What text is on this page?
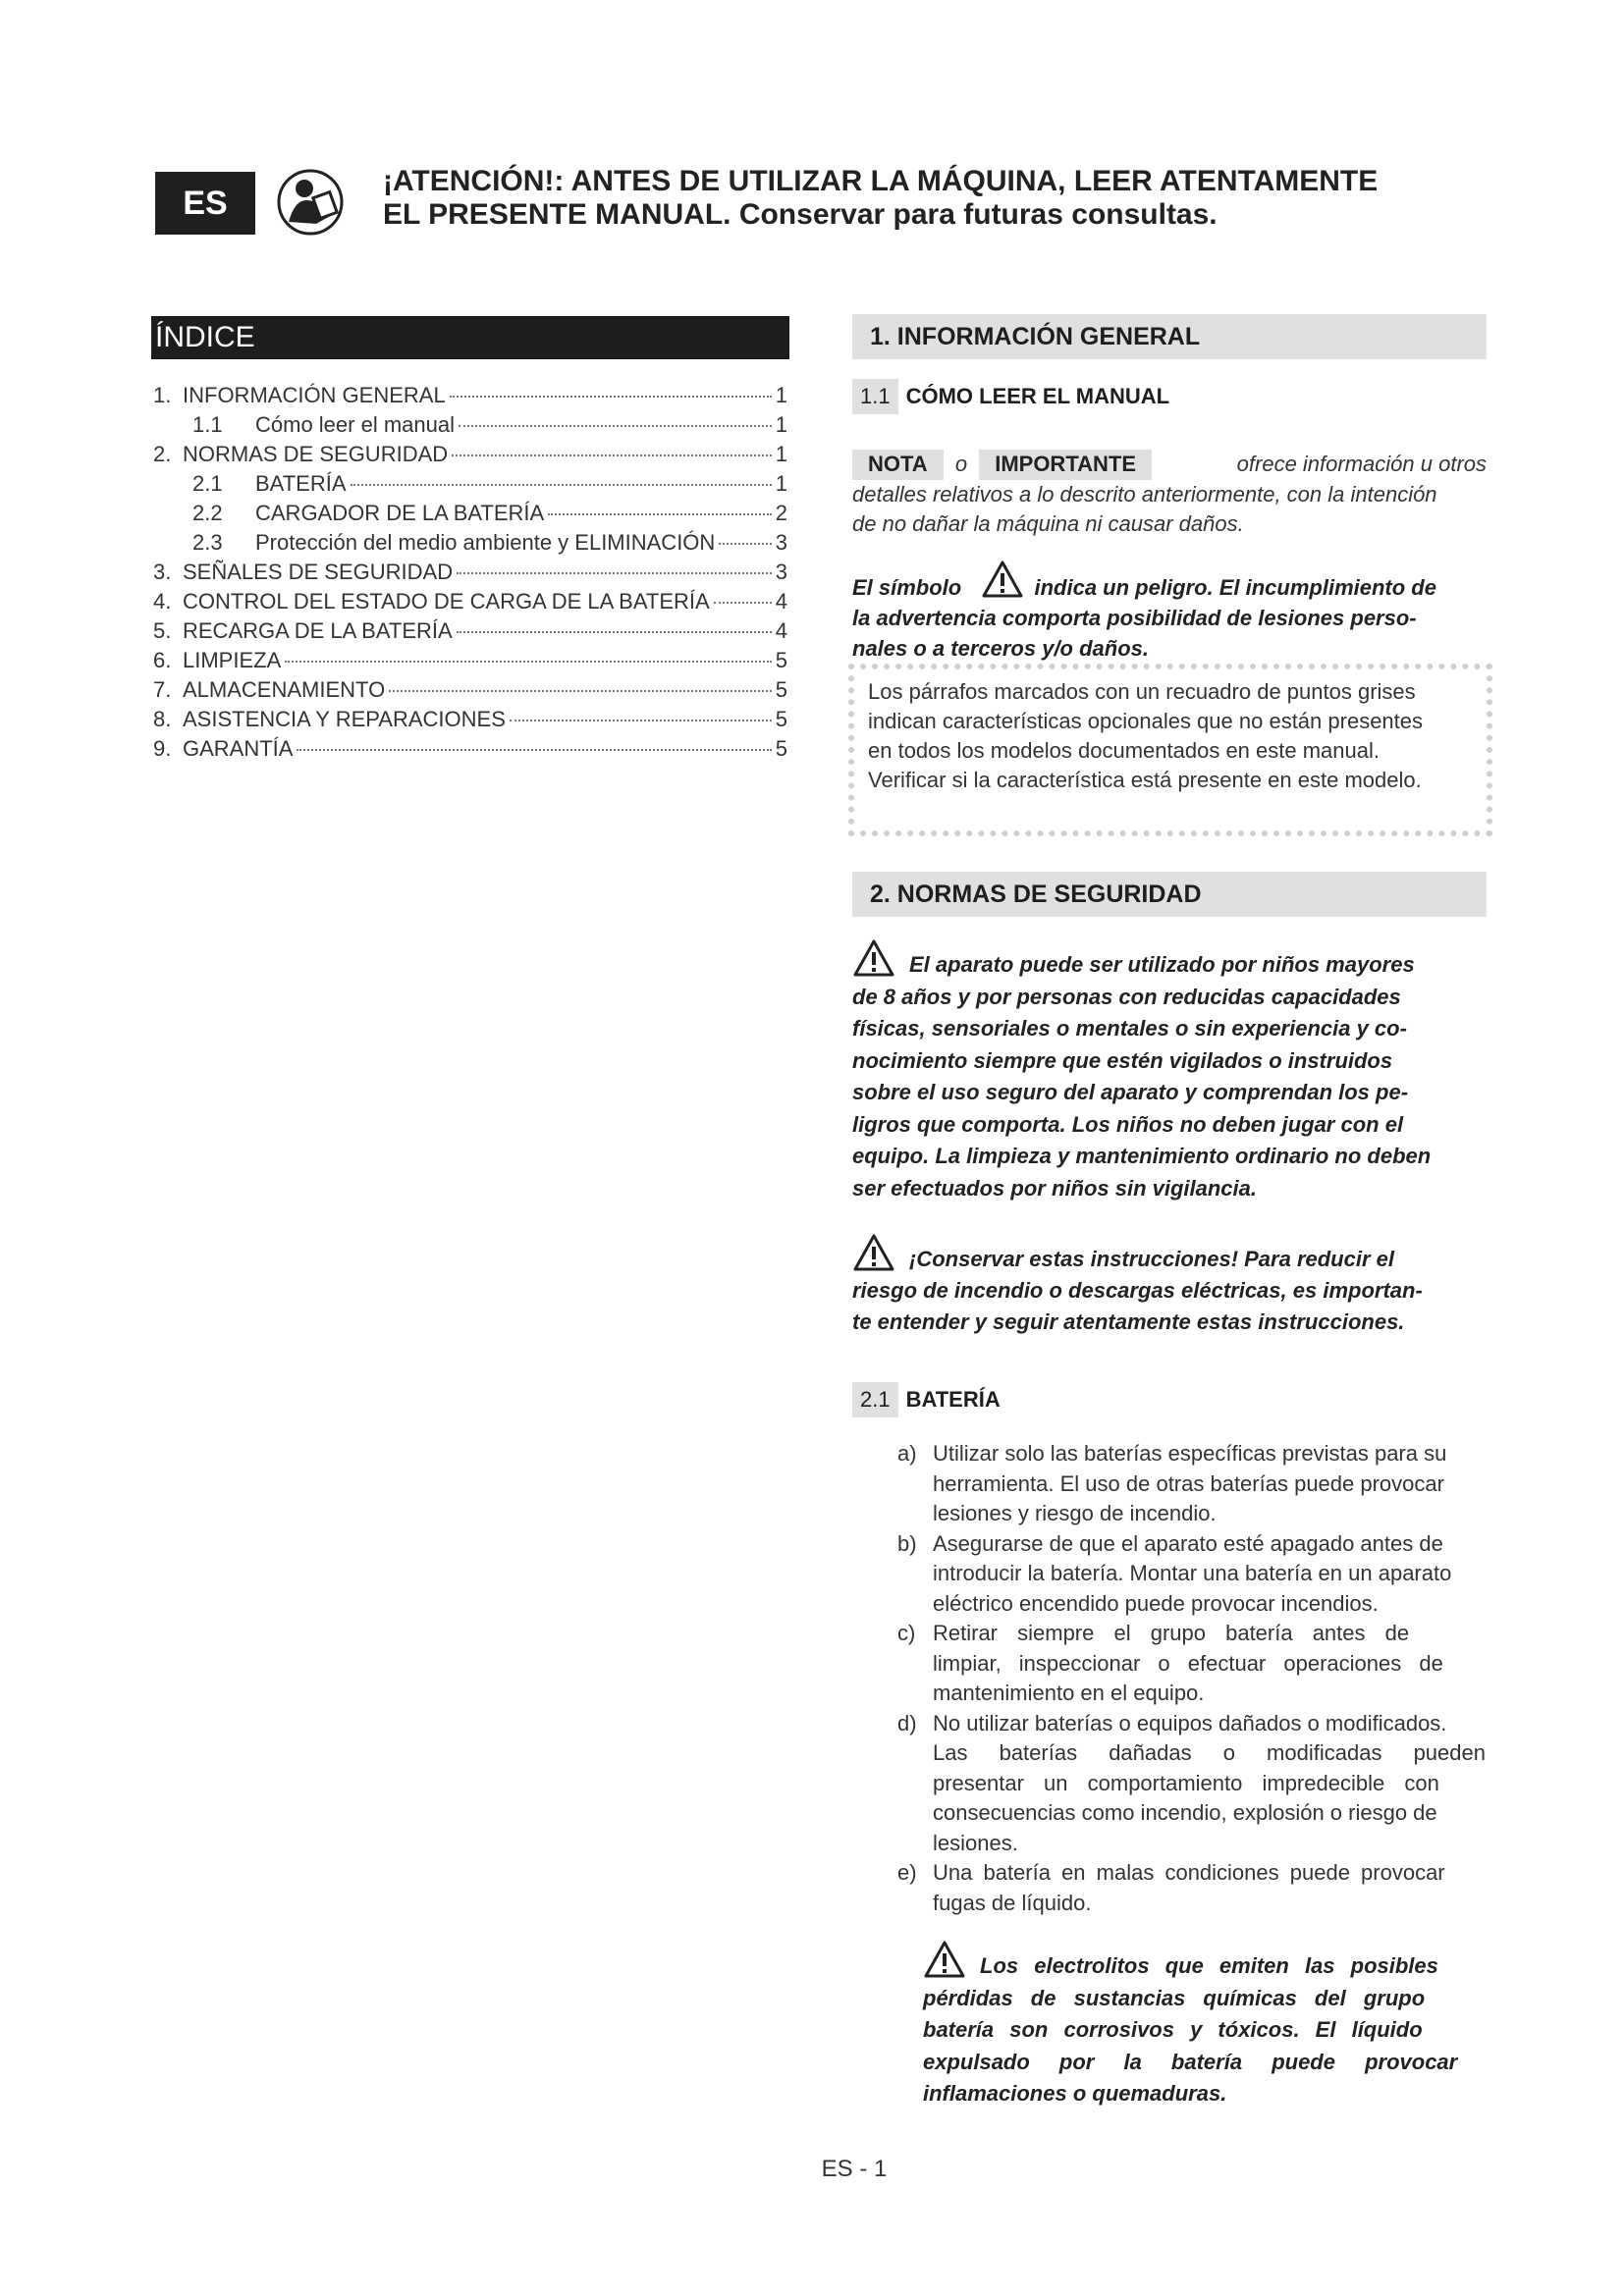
ES
¡ATENCIÓN!: ANTES DE UTILIZAR LA MÁQUINA, LEER ATENTAMENTE
EL PRESENTE MANUAL. Conservar para futuras consultas.
ÍNDICE
1. INFORMACIÓN GENERAL	1
1.1	Cómo leer el manual	1
2. NORMAS DE SEGURIDAD	1
2.1	BATERÍA	1
2.2	CARGADOR DE LA BATERÍA	2
2.3	Protección del medio ambiente y ELIMINACIÓN	3
3. SEÑALES DE SEGURIDAD	3
4. CONTROL DEL ESTADO DE CARGA DE LA BATERÍA	4
5. RECARGA DE LA BATERÍA	4
6. LIMPIEZA	5
7. ALMACENAMIENTO	5
8. ASISTENCIA Y REPARACIONES	5
9. GARANTÍA	5
1. INFORMACIÓN GENERAL
1.1 CÓMO LEER EL MANUAL
NOTA o IMPORTANTE	ofrece información u otros
detalles relativos a lo descrito anteriormente, con la intención
de no dañar la máquina ni causar daños.
El símbolo	indica un peligro. El incumplimiento de
la advertencia comporta posibilidad de lesiones perso-
nales o a terceros y/o daños.
Los párrafos marcados con un recuadro de puntos grises
indican características opcionales que no están presentes
en todos los modelos documentados en este manual.
Verificar si la característica está presente en este modelo.
2. NORMAS DE SEGURIDAD
El aparato puede ser utilizado por niños mayores
de 8 años y por personas con reducidas capacidades
físicas, sensoriales o mentales o sin experiencia y co-
nocimiento siempre que estén vigilados o instruidos
sobre el uso seguro del aparato y comprendan los pe-
ligros que comporta. Los niños no deben jugar con el
equipo. La limpieza y mantenimiento ordinario no deben
ser efectuados por niños sin vigilancia.
¡Conservar estas instrucciones! Para reducir el
riesgo de incendio o descargas eléctricas, es importan-
te entender y seguir atentamente estas instrucciones.
2.1 BATERÍA
a) Utilizar solo las baterías específicas previstas para su
herramienta. El uso de otras baterías puede provocar
lesiones y riesgo de incendio.
b) Asegurarse de que el aparato esté apagado antes de
introducir la batería. Montar una batería en un aparato
eléctrico encendido puede provocar incendios.
c) Retirar siempre el grupo batería antes de
limpiar, inspeccionar o efectuar operaciones de
mantenimiento en el equipo.
d) No utilizar baterías o equipos dañados o modificados.
Las baterías dañadas o modificadas pueden
presentar un comportamiento impredecible con
consecuencias como incendio, explosión o riesgo de
lesiones.
e) Una batería en malas condiciones puede provocar
fugas de líquido.
Los electrolitos que emiten las posibles
pérdidas de sustancias químicas del grupo
batería son corrosivos y tóxicos. El líquido
expulsado por la batería puede provocar
inflamaciones o quemaduras.
ES - 1
